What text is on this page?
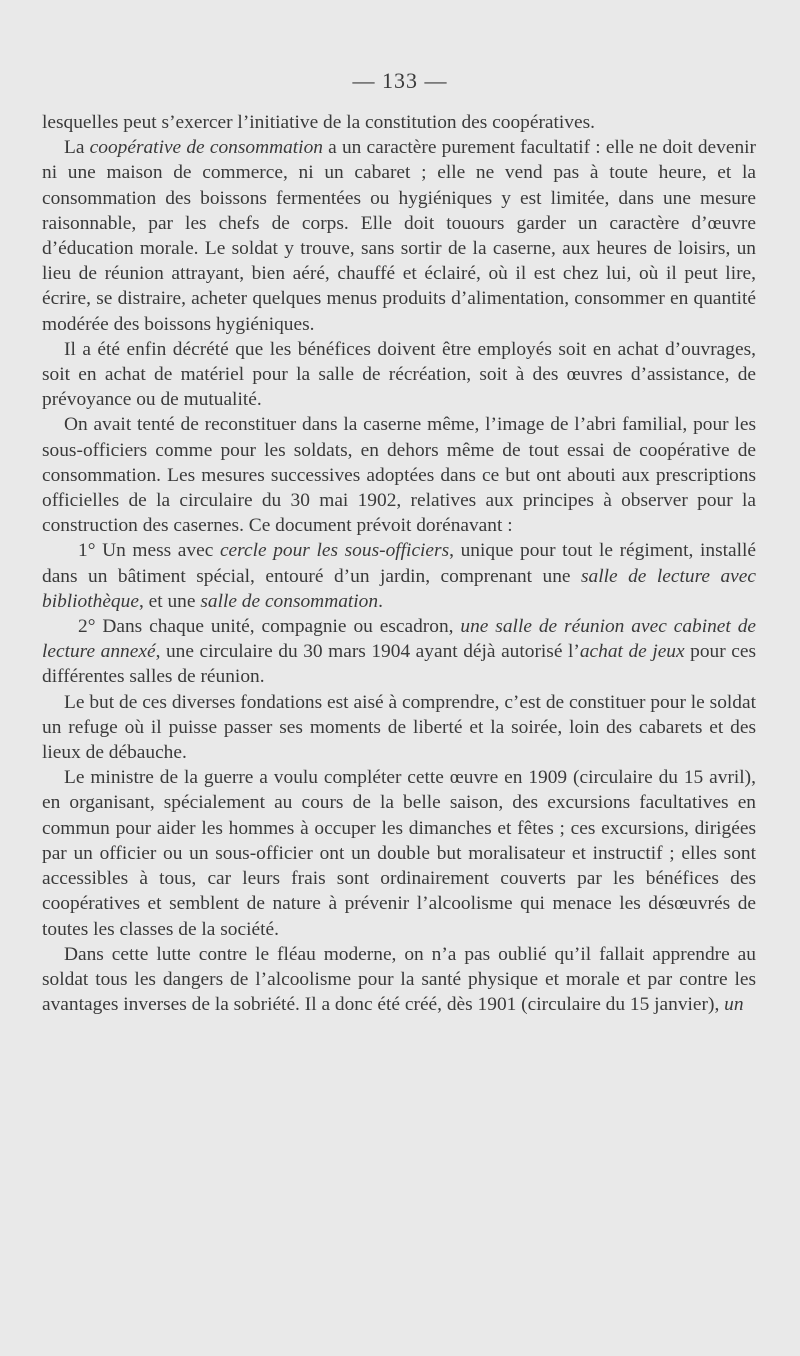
— 133 —

lesquelles peut s’exercer l’initiative de la constitution des coopératives.

La coopérative de consommation a un caractère purement facultatif : elle ne doit devenir ni une maison de commerce, ni un cabaret ; elle ne vend pas à toute heure, et la consommation des boissons fermentées ou hygiéniques y est limitée, dans une mesure raisonnable, par les chefs de corps. Elle doit touours garder un caractère d’œuvre d’éducation morale. Le soldat y trouve, sans sortir de la caserne, aux heures de loisirs, un lieu de réunion attrayant, bien aéré, chauffé et éclairé, où il est chez lui, où il peut lire, écrire, se distraire, acheter quelques menus produits d’alimentation, consommer en quantité modérée des boissons hygiéniques.

Il a été enfin décrété que les bénéfices doivent être employés soit en achat d’ouvrages, soit en achat de matériel pour la salle de récréation, soit à des œuvres d’assistance, de prévoyance ou de mutualité.

On avait tenté de reconstituer dans la caserne même, l’image de l’abri familial, pour les sous-officiers comme pour les soldats, en dehors même de tout essai de coopérative de consommation. Les mesures successives adoptées dans ce but ont abouti aux prescriptions officielles de la circulaire du 30 mai 1902, relatives aux principes à observer pour la construction des casernes. Ce document prévoit dorénavant :

1° Un mess avec cercle pour les sous-officiers, unique pour tout le régiment, installé dans un bâtiment spécial, entouré d’un jardin, comprenant une salle de lecture avec bibliothèque, et une salle de consommation.

2° Dans chaque unité, compagnie ou escadron, une salle de réunion avec cabinet de lecture annexé, une circulaire du 30 mars 1904 ayant déjà autorisé l’achat de jeux pour ces différentes salles de réunion.

Le but de ces diverses fondations est aisé à comprendre, c’est de constituer pour le soldat un refuge où il puisse passer ses moments de liberté et la soirée, loin des cabarets et des lieux de débauche.

Le ministre de la guerre a voulu compléter cette œuvre en 1909 (circulaire du 15 avril), en organisant, spécialement au cours de la belle saison, des excursions facultatives en commun pour aider les hommes à occuper les dimanches et fêtes ; ces excursions, dirigées par un officier ou un sous-officier ont un double but moralisateur et instructif ; elles sont accessibles à tous, car leurs frais sont ordinairement couverts par les bénéfices des coopératives et semblent de nature à prévenir l’alcoolisme qui menace les désœuvrés de toutes les classes de la société.

Dans cette lutte contre le fléau moderne, on n’a pas oublié qu’il fallait apprendre au soldat tous les dangers de l’alcoolisme pour la santé physique et morale et par contre les avantages inverses de la sobriété. Il a donc été créé, dès 1901 (circulaire du 15 janvier), un
